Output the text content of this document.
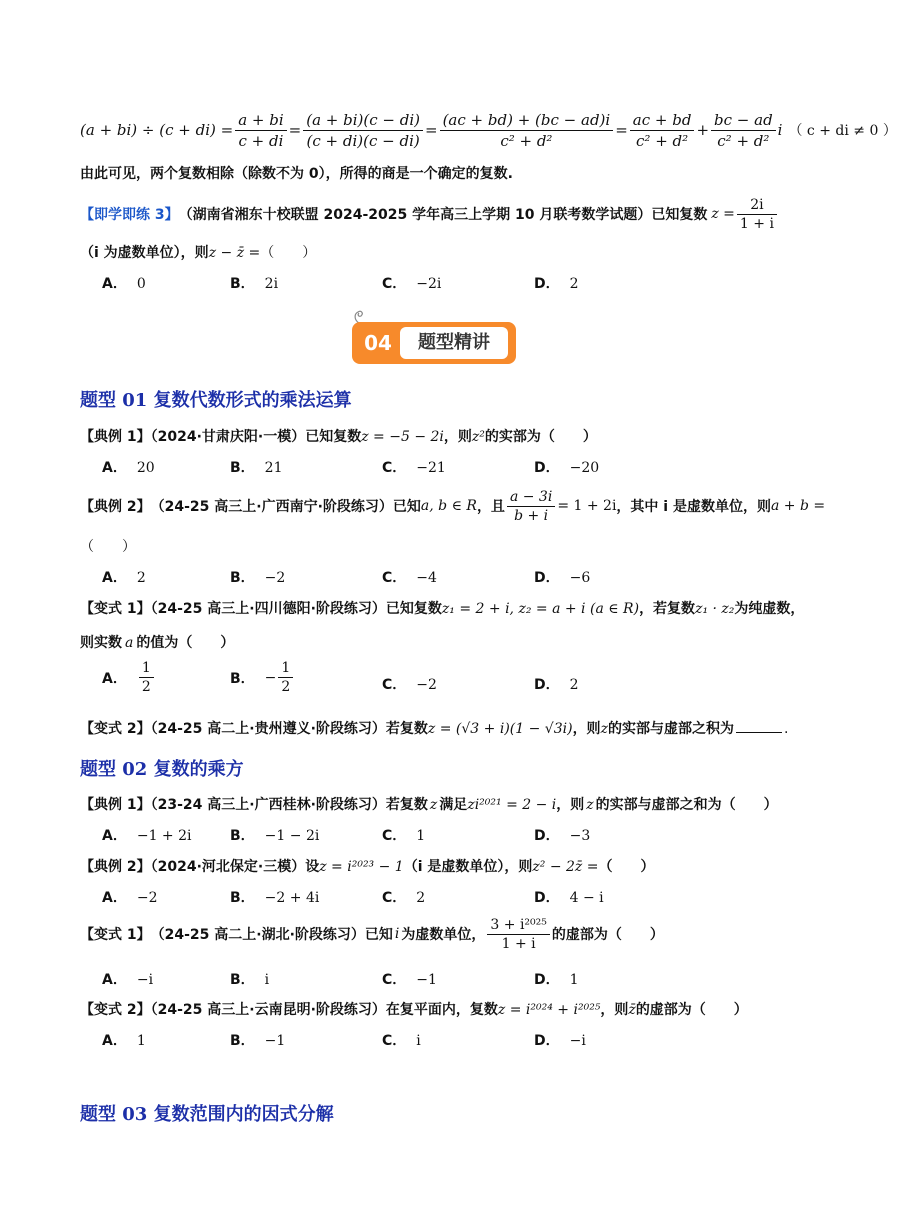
$(a + bi) \div (c + di) = \frac{a + bi}{c + di} = \frac{(a + bi)(c - di)}{(c + di)(c - di)} = \frac{(ac + bd) + (bc - ad)i}{\text{c² + d²}} = \frac{ac + bd}{\text{c² + d²}} + \frac{bc - ad}{\text{c² + d²}}$ i （ c + di ≠ 0 ）
由此可见，两个复数相除（除数不为 0），所得的商是一个确定的复数.
【即学即练 3】 （湖南省湘东十校联盟 2024-2025 学年高三上学期 10 月联考数学试题）已知复数 $z = \frac{2i}{1 + i}$
（i 为虚数单位），则z − z̄ =（　　）
A． 0	B． 2i	C． −2i	D． 2
04	题型精讲
题型 01 复数代数形式的乘法运算
【典例 1】（2024·甘肃庆阳·一模）已知复数z = −5 − 2i，则z²的实部为（　　）
A． 20	B． 21	C． −21	D． −20
【典例 2】 （24-25 高三上·广西南宁·阶段练习）已知 a, b ∈ R ，且 $\frac{a - 3i}{b + i} = 1 + 2i$ ，其中 i 是虚数单位，则 a + b =
（　　）
A． 2	B． −2	C． −4	D． −6
【变式 1】（24-25 高三上·四川德阳·阶段练习）已知复数z₁ = 2 + i, z₂ = a + i (a ∈ R)，若复数z₁ · z₂为纯虚数，
则实数 a 的值为（　　）
A． $\frac{1}{2}$	B． − $\frac{1}{2}$	C． −2	D． 2
【变式 2】（24-25 高二上·贵州遵义·阶段练习）若复数z = (√3 + i)(1 − √3i)，则z的实部与虚部之积为	.
题型 02 复数的乘方
【典例 1】（23-24 高三上·广西桂林·阶段练习）若复数 z 满足zi²⁰²¹ = 2 − i，则 z 的实部与虚部之和为（　　）
A． −1 + 2i	B． −1 − 2i	C． 1	D． −3
【典例 2】（2024·河北保定·三模）设z = i²⁰²³ − 1（i 是虚数单位），则z² − 2z̄ =（　　）
A． −2	B． −2 + 4i	C． 2	D． 4 − i
【变式 1】 （24-25 高二上·湖北·阶段练习）已知 i 为虚数单位， $\frac{\text{3 + i²⁰²⁵}}{1 + i}$ 的虚部为（　　）
A． −i	B． i	C． −1	D． 1
【变式 2】（24-25 高三上·云南昆明·阶段练习）在复平面内，复数z = i²⁰²⁴ + i²⁰²⁵，则z̄的虚部为（　　）
A． 1	B． −1	C． i	D． −i
题型 03 复数范围内的因式分解
